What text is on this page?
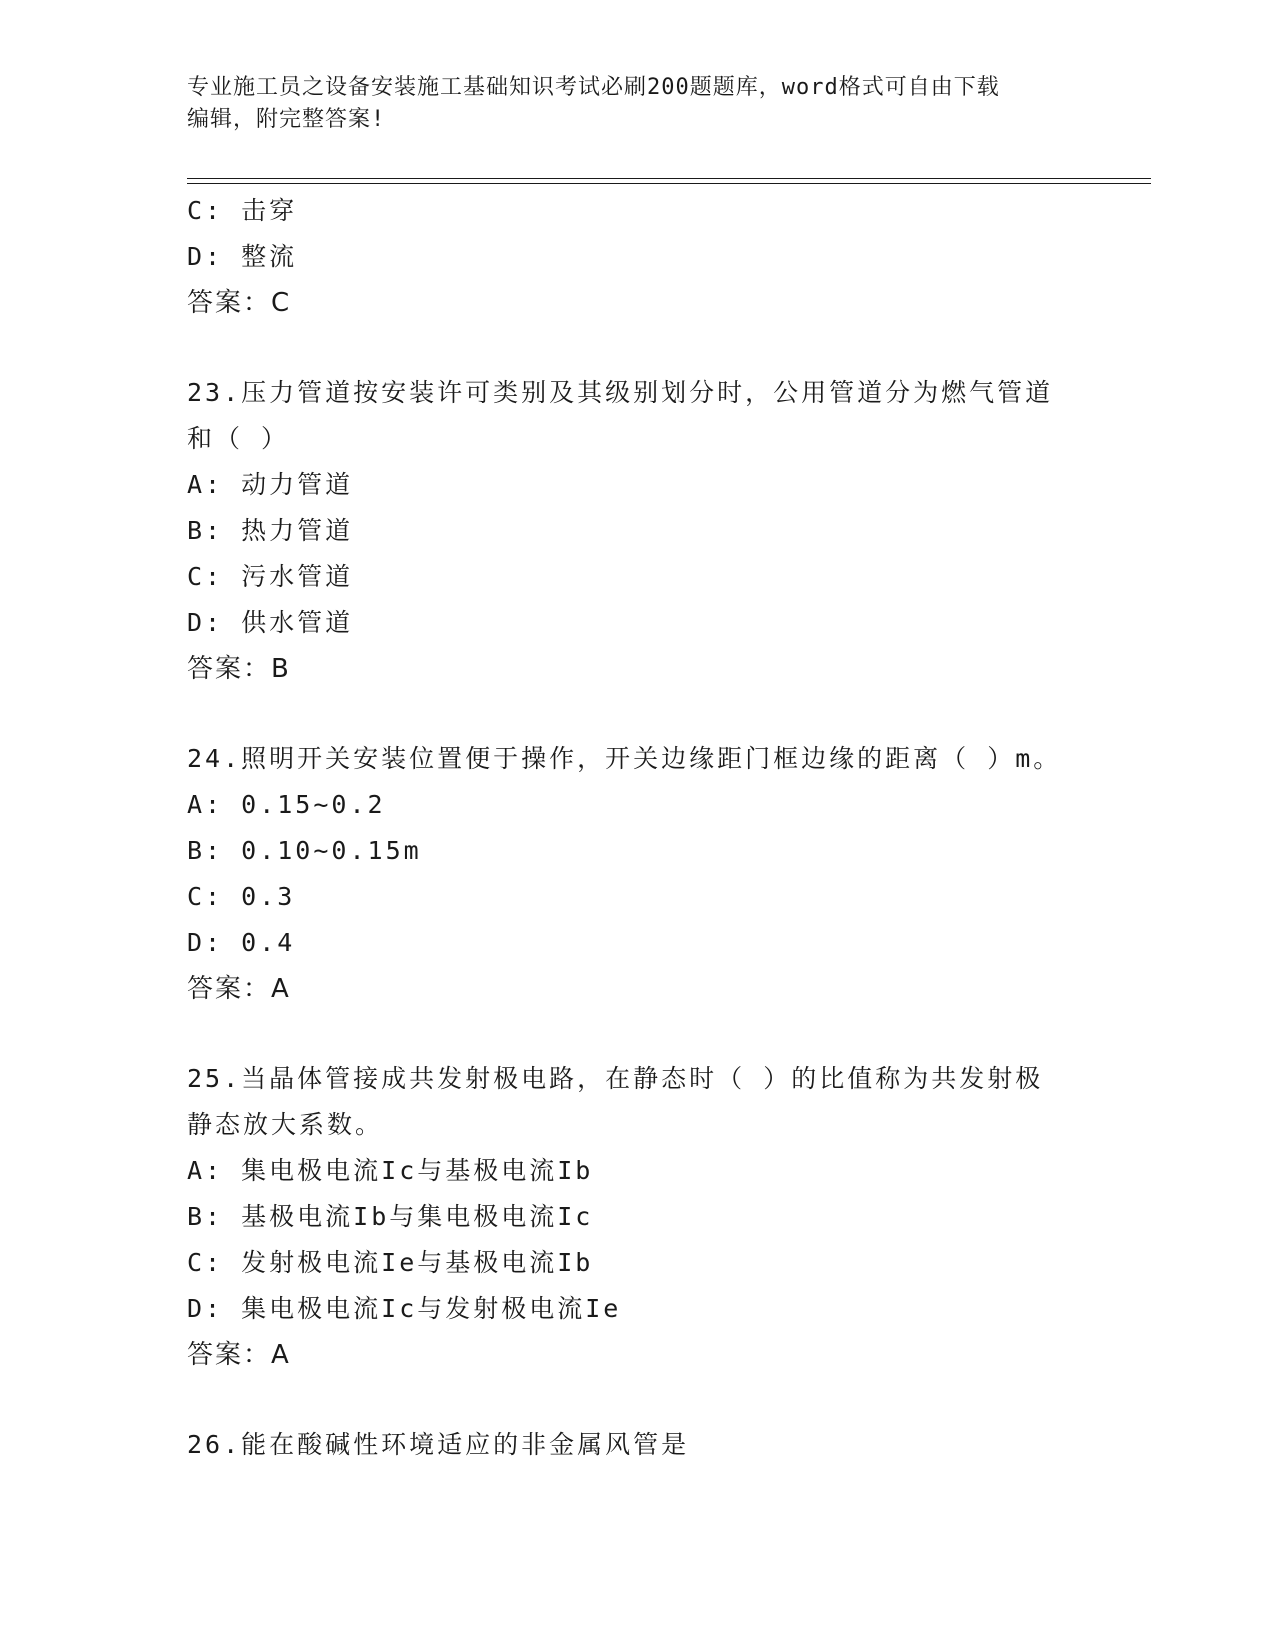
专业施工员之设备安装施工基础知识考试必刷200题题库，word格式可自由下载
编辑，附完整答案!
C: 击穿
D: 整流
答案：C
23.压力管道按安装许可类别及其级别划分时，公用管道分为燃气管道
和（ ）
A: 动力管道
B: 热力管道
C: 污水管道
D: 供水管道
答案：B
24.照明开关安装位置便于操作，开关边缘距门框边缘的距离（ ）m。
A: 0.15~0.2
B: 0.10~0.15m
C: 0.3
D: 0.4
答案：A
25.当晶体管接成共发射极电路，在静态时（ ）的比值称为共发射极
静态放大系数。
A: 集电极电流Ic与基极电流Ib
B: 基极电流Ib与集电极电流Ic
C: 发射极电流Ie与基极电流Ib
D: 集电极电流Ic与发射极电流Ie
答案：A
26.能在酸碱性环境适应的非金属风管是
